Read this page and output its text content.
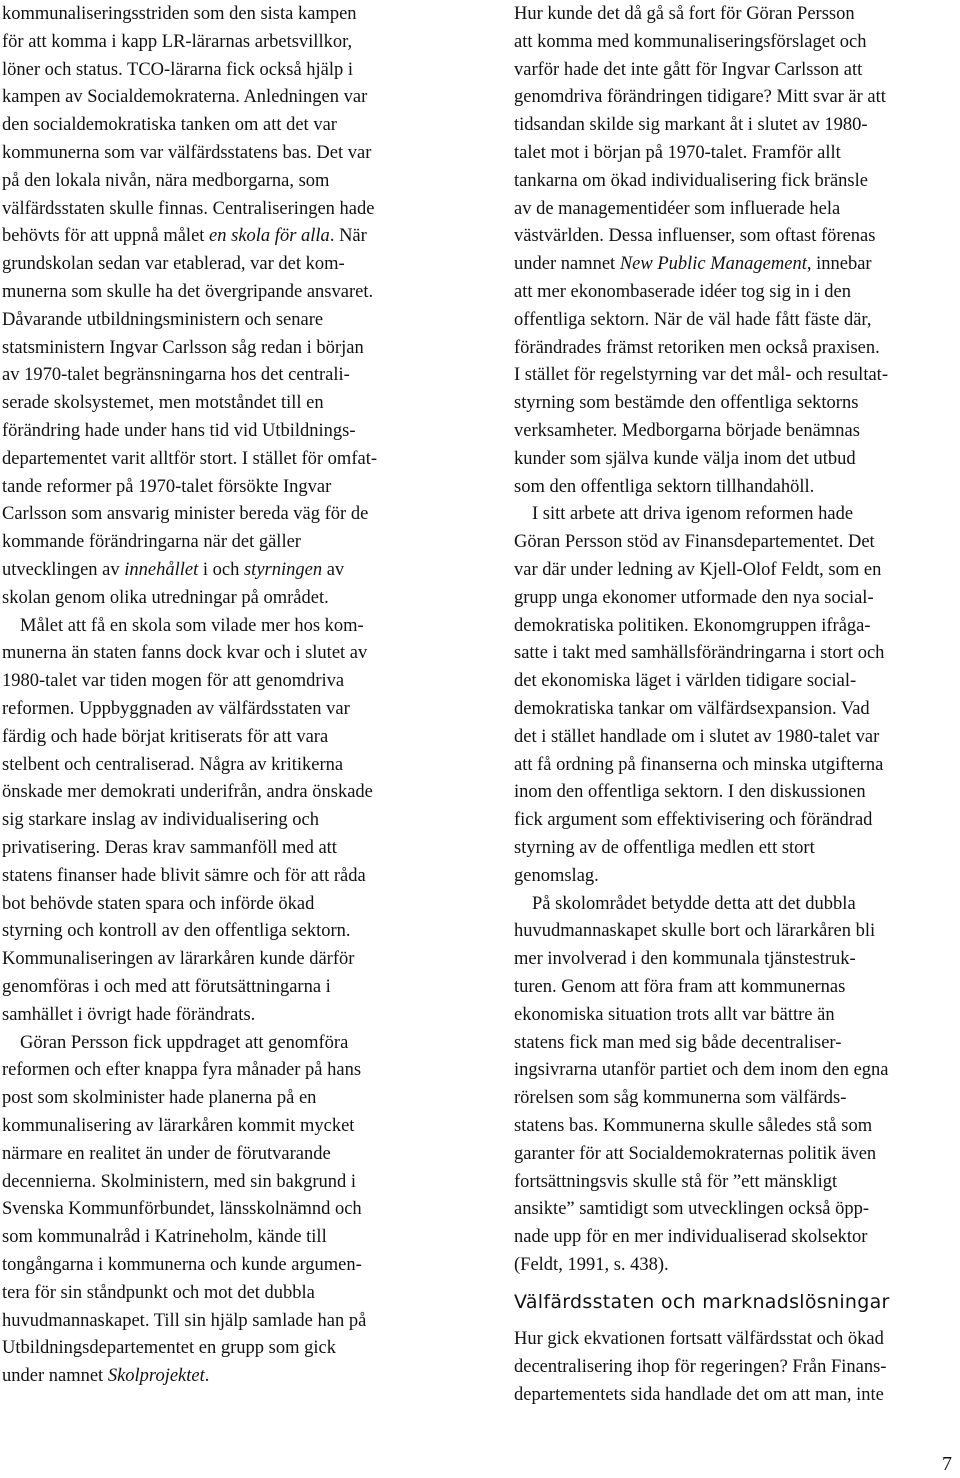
kommunaliseringsstriden som den sista kampen
för att komma i kapp LR-lärarnas arbetsvillkor,
löner och status. TCO-lärarna fick också hjälp i
kampen av Socialdemokraterna. Anledningen var
den socialdemokratiska tanken om att det var
kommunerna som var välfärdsstatens bas. Det var
på den lokala nivån, nära medborgarna, som
välfärdsstaten skulle finnas. Centraliseringen hade
behövts för att uppnå målet en skola för alla. När
grundskolan sedan var etablerad, var det kom-
munerna som skulle ha det övergripande ansvaret.
Dåvarande utbildningsministern och senare
statsministern Ingvar Carlsson såg redan i början
av 1970-talet begränsningarna hos det centrali-
serade skolsystemet, men motståndet till en
förändring hade under hans tid vid Utbildnings-
departementet varit alltför stort. I stället för omfat-
tande reformer på 1970-talet försökte Ingvar
Carlsson som ansvarig minister bereda väg för de
kommande förändringarna när det gäller
utvecklingen av innehållet i och styrningen av
skolan genom olika utredningar på området.
Målet att få en skola som vilade mer hos kom-
munerna än staten fanns dock kvar och i slutet av
1980-talet var tiden mogen för att genomdriva
reformen. Uppbyggnaden av välfärdsstaten var
färdig och hade börjat kritiserats för att vara
stelbent och centraliserad. Några av kritikerna
önskade mer demokrati underifrån, andra önskade
sig starkare inslag av individualisering och
privatisering. Deras krav sammanföll med att
statens finanser hade blivit sämre och för att råda
bot behövde staten spara och införde ökad
styrning och kontroll av den offentliga sektorn.
Kommunaliseringen av lärarkåren kunde därför
genomföras i och med att förutsättningarna i
samhället i övrigt hade förändrats.
Göran Persson fick uppdraget att genomföra
reformen och efter knappa fyra månader på hans
post som skolminister hade planerna på en
kommunalisering av lärarkåren kommit mycket
närmare en realitet än under de förutvarande
decennierna. Skolministern, med sin bakgrund i
Svenska Kommunförbundet, länsskolnämnd och
som kommunalråd i Katrineholm, kände till
tongångarna i kommunerna och kunde argumen-
tera för sin ståndpunkt och mot det dubbla
huvudmannaskapet. Till sin hjälp samlade han på
Utbildningsdepartementet en grupp som gick
under namnet Skolprojektet.
Välfärdsstaten och marknadslösningar
Hur kunde det då gå så fort för Göran Persson
att komma med kommunaliseringsförslaget och
varför hade det inte gått för Ingvar Carlsson att
genomdriva förändringen tidigare? Mitt svar är att
tidsandan skilde sig markant åt i slutet av 1980-
talet mot i början på 1970-talet. Framför allt
tankarna om ökad individualisering fick bränsle
av de managementidéer som influerade hela
västvärlden. Dessa influenser, som oftast förenas
under namnet New Public Management, innebar
att mer ekonombaserade idéer tog sig in i den
offentliga sektorn. När de väl hade fått fäste där,
förändrades främst retoriken men också praxisen.
I stället för regelstyrning var det mål- och resultat-
styrning som bestämde den offentliga sektorns
verksamheter. Medborgarna började benämnas
kunder som själva kunde välja inom det utbud
som den offentliga sektorn tillhandahöll.
I sitt arbete att driva igenom reformen hade
Göran Persson stöd av Finansdepartementet. Det
var där under ledning av Kjell-Olof Feldt, som en
grupp unga ekonomer utformade den nya social-
demokratiska politiken. Ekonomgruppen ifråga-
satte i takt med samhällsförändringarna i stort och
det ekonomiska läget i världen tidigare social-
demokratiska tankar om välfärdsexpansion. Vad
det i stället handlade om i slutet av 1980-talet var
att få ordning på finanserna och minska utgifterna
inom den offentliga sektorn. I den diskussionen
fick argument som effektivisering och förändrad
styrning av de offentliga medlen ett stort
genomslag.
På skolområdet betydde detta att det dubbla
huvudmannaskapet skulle bort och lärarkåren bli
mer involverad i den kommunala tjänstestruk-
turen. Genom att föra fram att kommunernas
ekonomiska situation trots allt var bättre än
statens fick man med sig både decentraliser-
ingsivrarna utanför partiet och dem inom den egna
rörelsen som såg kommunerna som välfärds-
statens bas. Kommunerna skulle således stå som
garanter för att Socialdemokraternas politik även
fortsättningsvis skulle stå för ”ett mänskligt
ansikte” samtidigt som utvecklingen också öpp-
nade upp för en mer individualiserad skolsektor
(Feldt, 1991, s. 438).
Hur gick ekvationen fortsatt välfärdsstat och ökad
decentralisering ihop för regeringen? Från Finans-
departementets sida handlade det om att man, inte
7
